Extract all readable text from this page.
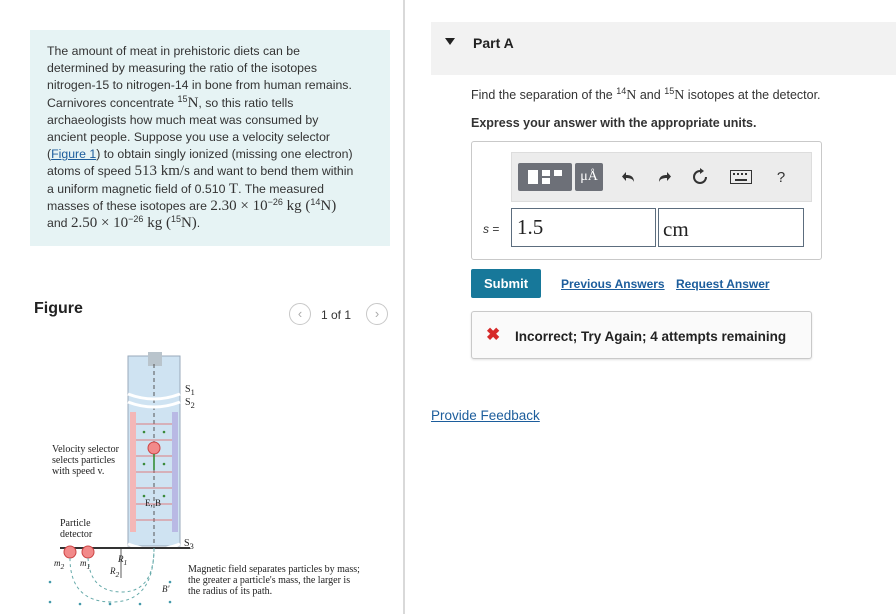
The amount of meat in prehistoric diets can be
determined by measuring the ratio of the isotopes
nitrogen-15 to nitrogen-14 in bone from human remains.
Carnivores concentrate $^{15}$N, so this ratio tells
archaeologists how much meat was consumed by
ancient people. Suppose you use a velocity selector
(Figure 1) to obtain singly ionized (missing one electron)
atoms of speed 513 km/s and want to bend them within
a uniform magnetic field of 0.510 T. The measured
masses of these isotopes are $2.30 \times 10^{-26}$ kg ($^{14}$N)
and $2.50 \times 10^{-26}$ kg ($^{15}$N).
Figure	‹	1 of 1	›
$S_1$
$S_2$
$S_3$
Velocity selector
selects particles
with speed v.
Particle
detector
E, B
$m_2$ $m_1$
$R_1$
$R_2$
B'
Magnetic field separates particles by mass;
the greater a particle's mass, the larger is
the radius of its path.
Part A
Find the separation of the $^{14}$N and $^{15}$N isotopes at the detector.
Express your answer with the appropriate units.
μÅ	?
s = 1.5	cm
Submit	Previous Answers Request Answer
✖ Incorrect; Try Again; 4 attempts remaining
Provide Feedback
